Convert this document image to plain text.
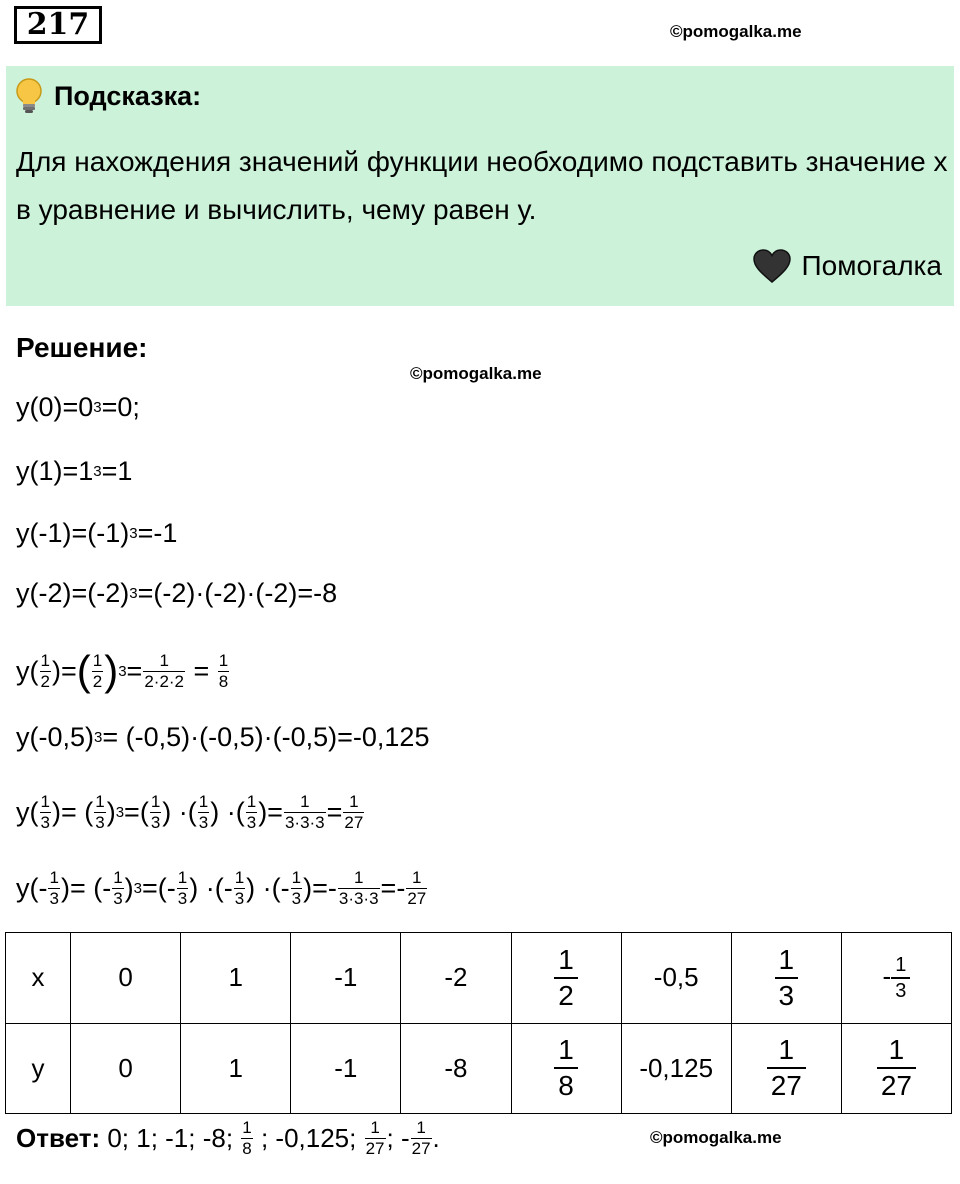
217	©pomogalka.me
Подсказка:
Для нахождения значений функции необходимо подставить значение х в уравнение и вычислить, чему равен у.
Помогалка
Решение:
©pomogalka.me
у(0)=0 3 =0;
у(1)=1 3 =1
у(-1)=(-1) 3 =-1
у(-2)=(-2) 3 =(-2)·(-2)·(-2)=-8
$у( \frac{1}{2}$ )= ( $\frac{1}{2}$ ) $3 = \frac{1}{2\cdot 2\cdot 2} = \frac{1}{8}$
у(-0,5) 3 = (-0,5)·(-0,5)·(-0,5)=-0,125
$у( \frac{1}{3}$ )= ( $\frac{1}{3}$ ) 3 =( $\frac{1}{3}$ ) ·( $\frac{1}{3}$ ) ·( $\frac{1}{3}$ )= $\frac{1}{3\cdot 3\cdot 3} = \frac{1}{27}$
$у(- \frac{1}{3}$ )= (- $\frac{1}{3}$ ) 3 =(- $\frac{1}{3}$ ) ·(- $\frac{1}{3}$ ) ·(- $\frac{1}{3}$ )=- $\frac{1}{3\cdot 3\cdot 3} =- \frac{1}{27}$
х	0	1	-1	-2	$\frac{1}{2}$	-0,5	$\frac{1}{3}$	- $\frac{1}{3}$

у	0	1	-1	-8	$\frac{1}{8}$	-0,125	$\frac{1}{27}$	$\frac{1}{27}$
©pomogalka.me
Ответ: 0; 1; -1; -8; $\frac{1}{8}$ ; -0,125; $\frac{1}{27}$ ; - $\frac{1}{27}$ .
